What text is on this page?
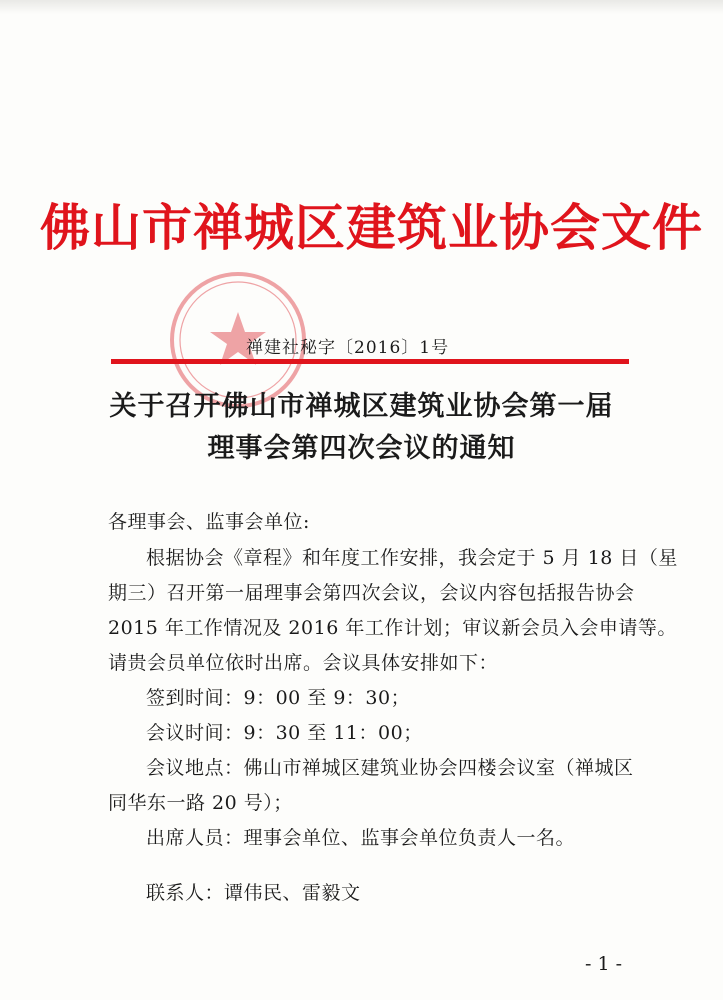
佛山市禅城区建筑业协会文件
禅建社秘字〔2016〕1号
关于召开佛山市禅城区建筑业协会第一届
理事会第四次会议的通知
各理事会、监事会单位:
根据协会《章程》和年度工作安排，我会定于 5 月 18 日（星
期三）召开第一届理事会第四次会议，会议内容包括报告协会
2015 年工作情况及 2016 年工作计划；审议新会员入会申请等。
请贵会员单位依时出席。会议具体安排如下：
签到时间：9：00 至 9：30；
会议时间：9：30 至 11：00；
会议地点：佛山市禅城区建筑业协会四楼会议室（禅城区
同华东一路 20 号）；
出席人员：理事会单位、监事会单位负责人一名。

联系人：谭伟民、雷毅文
- 1 -
